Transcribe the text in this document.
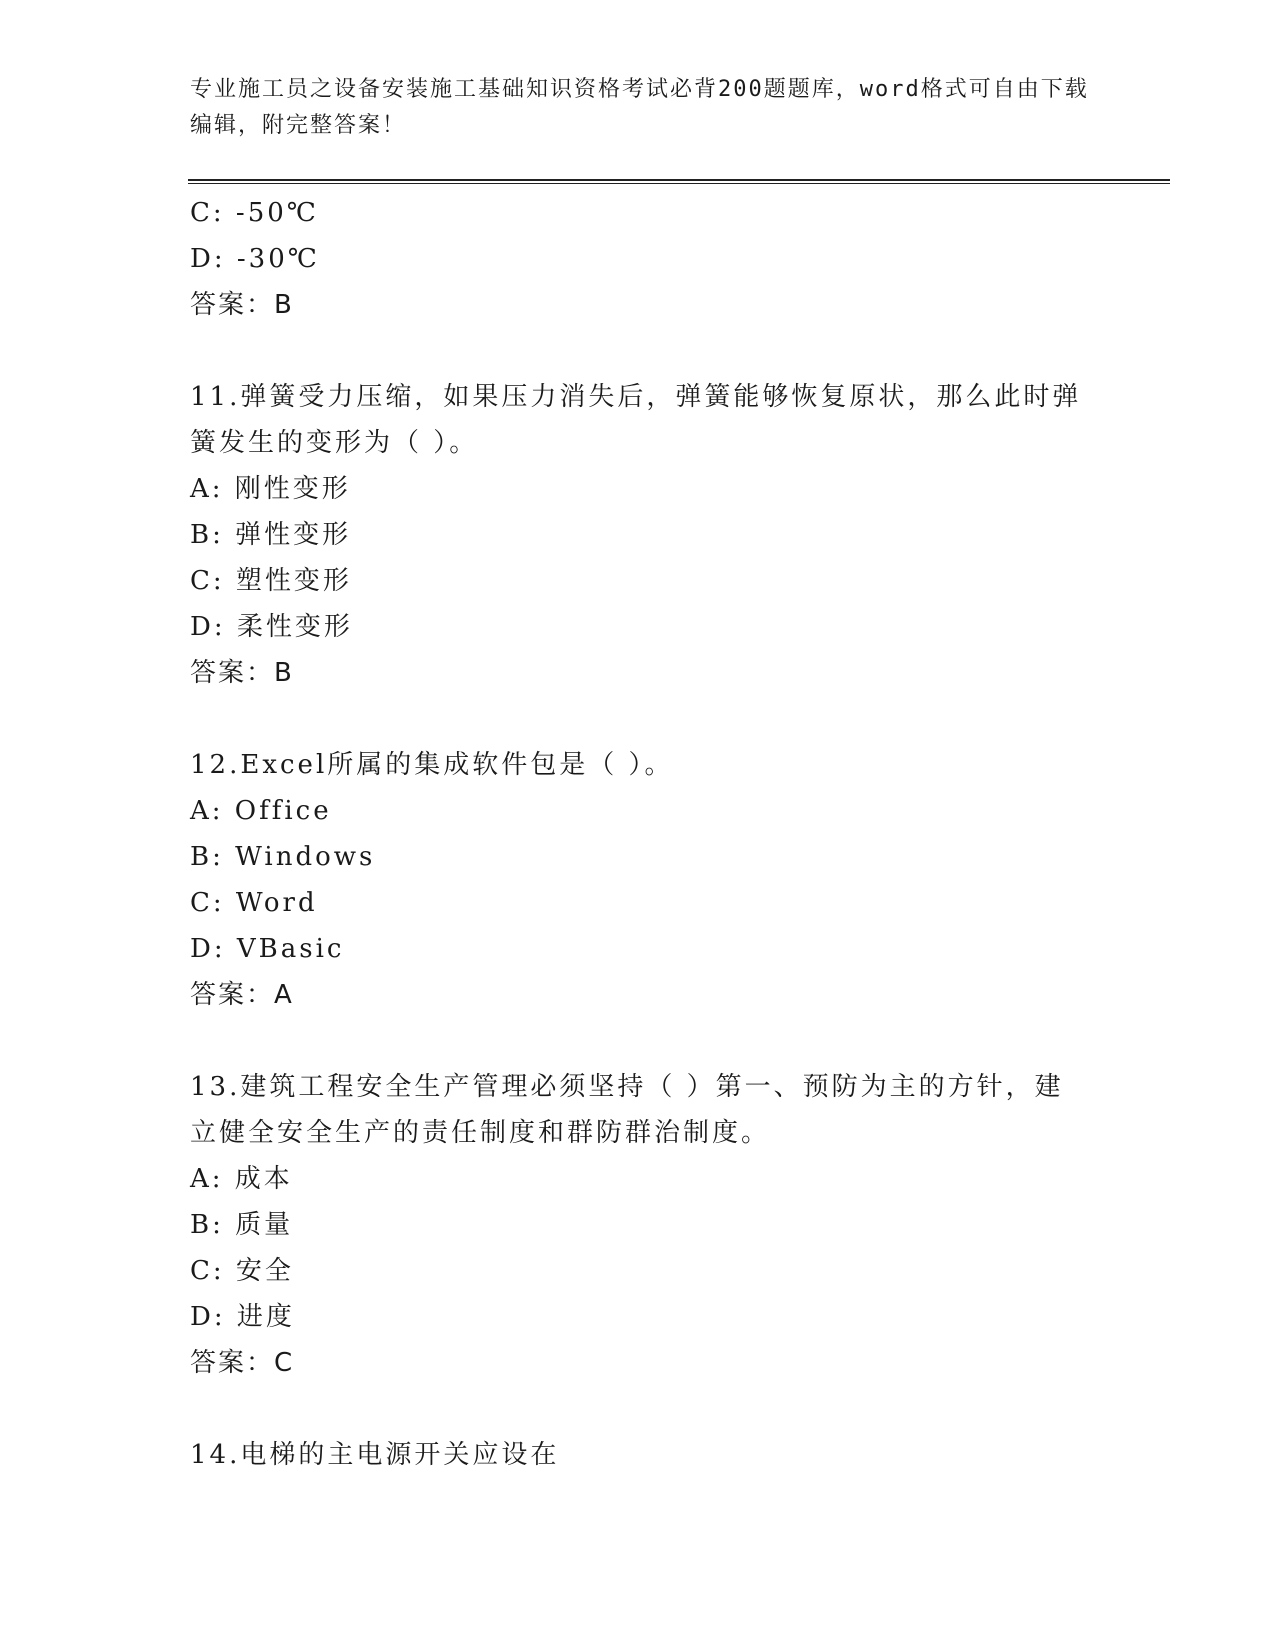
专业施工员之设备安装施工基础知识资格考试必背200题题库，word格式可自由下载编辑，附完整答案！
C: -50℃
D: -30℃
答案：B
11.弹簧受力压缩，如果压力消失后，弹簧能够恢复原状，那么此时弹
簧发生的变形为（ ）。
A: 刚性变形
B: 弹性变形
C: 塑性变形
D: 柔性变形
答案：B
12.Excel所属的集成软件包是（ ）。
A: Office
B: Windows
C: Word
D: VBasic
答案：A
13.建筑工程安全生产管理必须坚持（ ）第一、预防为主的方针，建
立健全安全生产的责任制度和群防群治制度。
A: 成本
B: 质量
C: 安全
D: 进度
答案：C
14.电梯的主电源开关应设在
